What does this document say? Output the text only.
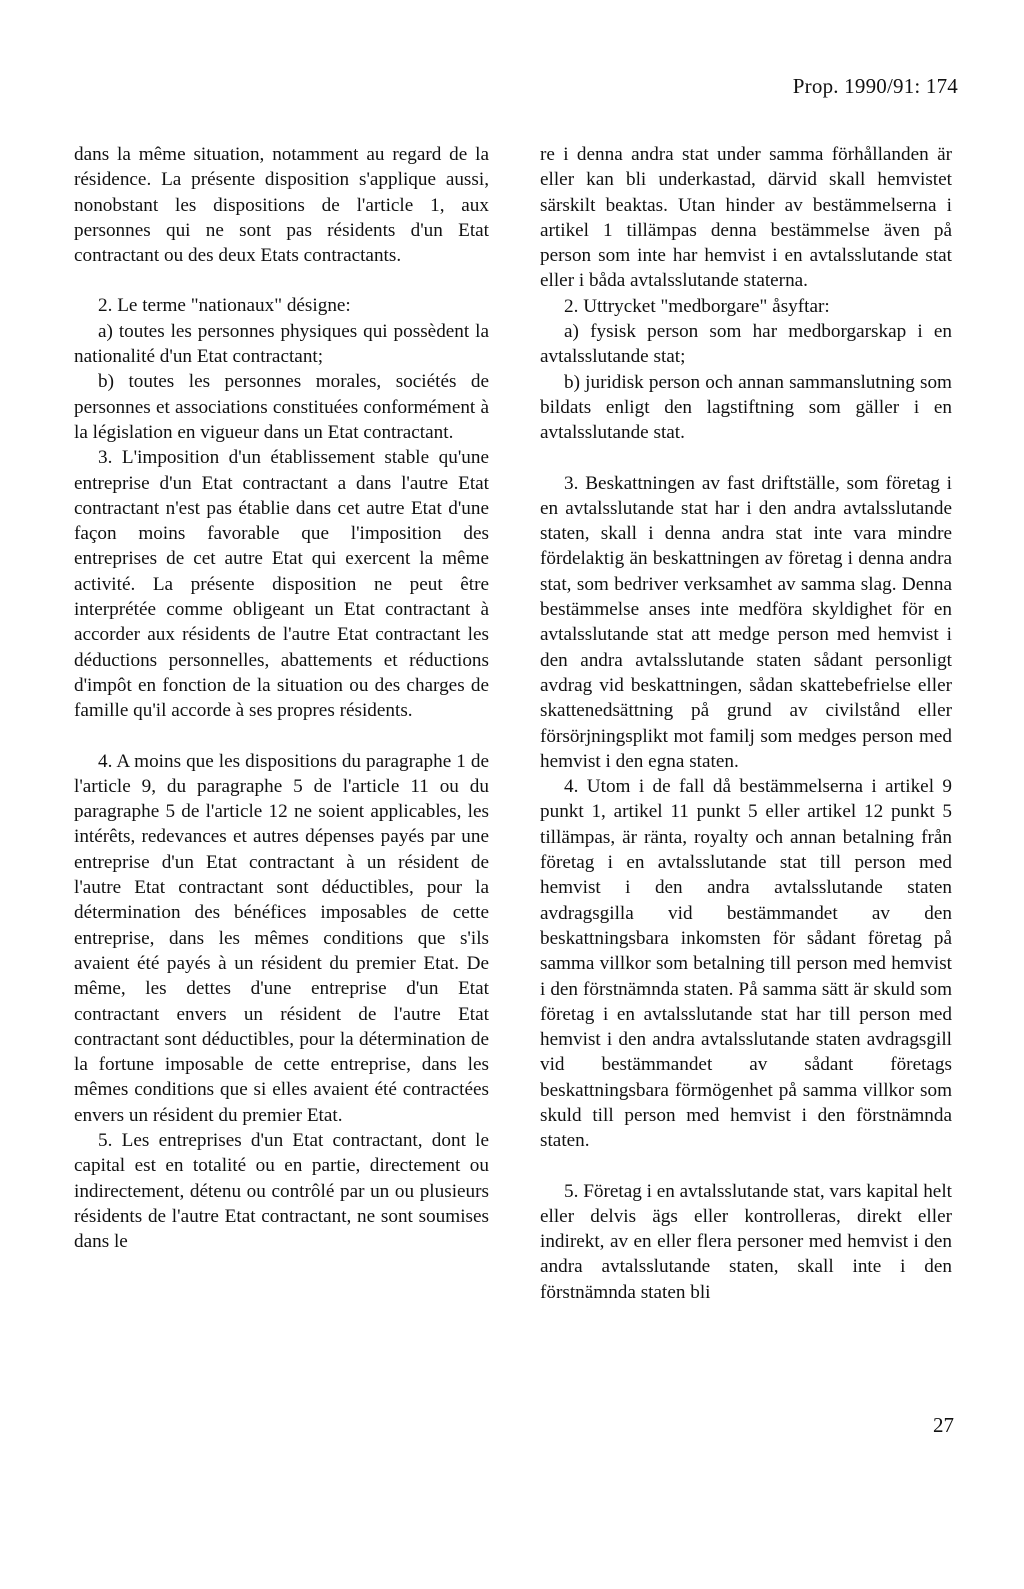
Prop. 1990/91: 174

dans la même situation, notamment au regard de la résidence. La présente disposition s'applique aussi, nonobstant les dispositions de l'article 1, aux personnes qui ne sont pas résidents d'un Etat contractant ou des deux Etats contractants.

2. Le terme "nationaux" désigne:

a) toutes les personnes physiques qui possèdent la nationalité d'un Etat contractant;

b) toutes les personnes morales, sociétés de personnes et associations constituées conformément à la législation en vigueur dans un Etat contractant.

3. L'imposition d'un établissement stable qu'une entreprise d'un Etat contractant a dans l'autre Etat contractant n'est pas établie dans cet autre Etat d'une façon moins favorable que l'imposition des entreprises de cet autre Etat qui exercent la même activité. La présente disposition ne peut être interprétée comme obligeant un Etat contractant à accorder aux résidents de l'autre Etat contractant les déductions personnelles, abattements et réductions d'impôt en fonction de la situation ou des charges de famille qu'il accorde à ses propres résidents.

4. A moins que les dispositions du paragraphe 1 de l'article 9, du paragraphe 5 de l'article 11 ou du paragraphe 5 de l'article 12 ne soient applicables, les intérêts, redevances et autres dépenses payés par une entreprise d'un Etat contractant à un résident de l'autre Etat contractant sont déductibles, pour la détermination des bénéfices imposables de cette entreprise, dans les mêmes conditions que s'ils avaient été payés à un résident du premier Etat. De même, les dettes d'une entreprise d'un Etat contractant envers un résident de l'autre Etat contractant sont déductibles, pour la détermination de la fortune imposable de cette entreprise, dans les mêmes conditions que si elles avaient été contractées envers un résident du premier Etat.

5. Les entreprises d'un Etat contractant, dont le capital est en totalité ou en partie, directement ou indirectement, détenu ou contrôlé par un ou plusieurs résidents de l'autre Etat contractant, ne sont soumises dans le

re i denna andra stat under samma förhållanden är eller kan bli underkastad, därvid skall hemvistet särskilt beaktas. Utan hinder av bestämmelserna i artikel 1 tillämpas denna bestämmelse även på person som inte har hemvist i en avtalsslutande stat eller i båda avtalsslutande staterna.

2. Uttrycket "medborgare" åsyftar:

a) fysisk person som har medborgarskap i en avtalsslutande stat;

b) juridisk person och annan sammanslutning som bildats enligt den lagstiftning som gäller i en avtalsslutande stat.

3. Beskattningen av fast driftställe, som företag i en avtalsslutande stat har i den andra avtalsslutande staten, skall i denna andra stat inte vara mindre fördelaktig än beskattningen av företag i denna andra stat, som bedriver verksamhet av samma slag. Denna bestämmelse anses inte medföra skyldighet för en avtalsslutande stat att medge person med hemvist i den andra avtalsslutande staten sådant personligt avdrag vid beskattningen, sådan skattebefrielse eller skattenedsättning på grund av civilstånd eller försörjningsplikt mot familj som medges person med hemvist i den egna staten.

4. Utom i de fall då bestämmelserna i artikel 9 punkt 1, artikel 11 punkt 5 eller artikel 12 punkt 5 tillämpas, är ränta, royalty och annan betalning från företag i en avtalsslutande stat till person med hemvist i den andra avtalsslutande staten avdragsgilla vid bestämmandet av den beskattningsbara inkomsten för sådant företag på samma villkor som betalning till person med hemvist i den förstnämnda staten. På samma sätt är skuld som företag i en avtalsslutande stat har till person med hemvist i den andra avtalsslutande staten avdragsgill vid bestämmandet av sådant företags beskattningsbara förmögenhet på samma villkor som skuld till person med hemvist i den förstnämnda staten.

5. Företag i en avtalsslutande stat, vars kapital helt eller delvis ägs eller kontrolleras, direkt eller indirekt, av en eller flera personer med hemvist i den andra avtalsslutande staten, skall inte i den förstnämnda staten bli

27
